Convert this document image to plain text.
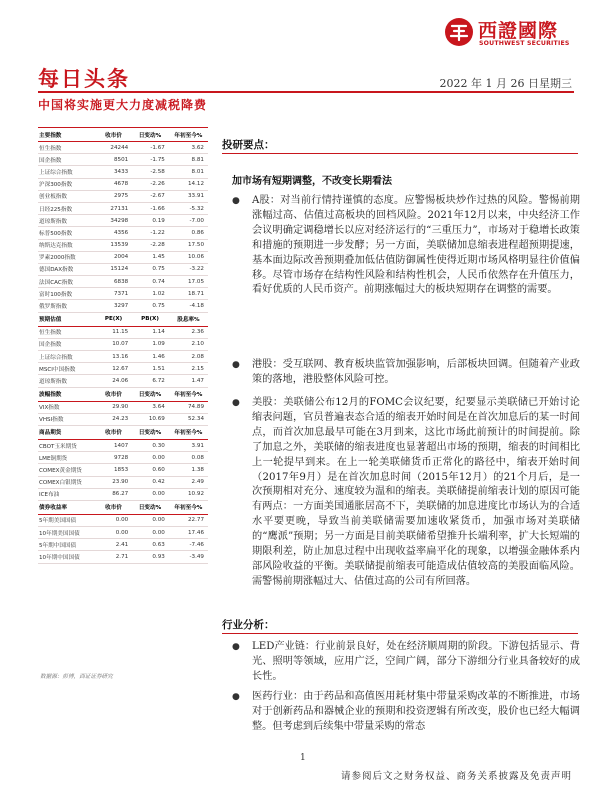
西證國際
SOUTHWEST SECURITIES
每日头条	2022 年 1 月 26 日星期三
中国将实施更大力度减税降费
主要指数	收市价	日变动%	年初至今%
恒生指数	24244	-1.67	3.62
国企指数	8501	-1.75	8.81
上证综合指数	3433	-2.58	8.01
沪深300指数	4678	-2.26	14.12
创业板指数	2975	-2.67	33.91
日经225指数	27131	-1.66	-5.32
道琼斯指数	34298	0.19	-7.00
标普500指数	4356	-1.22	0.86
纳斯达克指数	13539	-2.28	17.50
罗素2000指数	2004	1.45	10.06
德国DAX指数	15124	0.75	-3.22
法国CAC指数	6838	0.74	17.05
富时100指数	7371	1.02	18.71
俄罗斯指数	3297	0.75	-4.18
预期估值	PE(X)	PB(X)	股息率%
恒生指数	11.15	1.14	2.36
国企指数	10.07	1.09	2.10
上证综合指数	13.16	1.46	2.08
MSCI中国指数	12.67	1.51	2.15
道琼斯指数	24.06	6.72	1.47
波幅指数	收市价	日变动%	年初至今%
VIX指数	29.90	3.64	74.89
VHSI指数	24.23	10.69	52.34
商品期货	收市价	日变动%	年初至今%
CBOT玉米期货	1407	0.30	3.91
LME铜期货	9728	0.00	0.08
COMEX黄金期货	1853	0.60	1.38
COMEX白银期货	23.90	0.42	2.49
ICE布油	86.27	0.00	10.92
债券收益率	收市价	日变动%	年初至今%
5年期美国国债	0.00	0.00	22.77
10年期美国国债	0.00	0.00	17.46
5年期中国国债	2.41	0.63	-7.46
10年期中国国债	2.71	0.93	-3.49
数据源：彭博，西证证券研究
投研要点：
加市场有短期调整，不改变长期看法
● A股：对当前行情持谨慎的态度。应警惕板块炒作过热的风险。警惕前期涨幅过高、估值过高板块的回档风险。2021年12月以来，中央经济工作会议明确定调稳增长以应对经济运行的“三重压力”，市场对于稳增长政策和措施的预期进一步发酵；另一方面，美联储加息缩表进程超预期提速，基本面边际改善预期叠加低估值防御属性使得近期市场风格明显往价值偏移。尽管市场存在结构性风险和结构性机会，人民币依然存在升值压力，看好优质的人民币资产。前期涨幅过大的板块短期存在调整的需要。
● 港股：受互联网、教育板块监管加强影响，后部板块回调。但随着产业政策的落地，港股整体风险可控。
● 美股：美联储公布12月的FOMC会议纪要，纪要显示美联储已开始讨论缩表问题，官员普遍表态合适的缩表开始时间是在首次加息后的某一时间点，而首次加息最早可能在3月到来，这比市场此前预计的时间提前。除了加息之外，美联储的缩表进度也显著超出市场的预期，缩表的时间相比上一轮提早到来。在上一轮美联储货币正常化的路径中，缩表开始时间（2017年9月）是在首次加息时间（2015年12月）的21个月后，是一次预期相对充分、速度较为温和的缩表。美联储提前缩表计划的原因可能有两点：一方面美国通胀居高不下，美联储的加息进度比市场认为的合适水平要更晚，导致当前美联储需要加速收紧货币，加强市场对美联储的“鹰派”预期；另一方面是目前美联储希望推升长端利率，扩大长短端的期限利差，防止加息过程中出现收益率扁平化的现象，以增强金融体系内部风险收益的平衡。美联储提前缩表可能造成估值较高的美股面临风险。需警惕前期涨幅过大、估值过高的公司有所回落。
行业分析：
● LED产业链：行业前景良好，处在经济顺周期的阶段。下游包括显示、背光、照明等领域，应用广泛，空间广阔，部分下游细分行业具备较好的成长性。
● 医药行业：由于药品和高值医用耗材集中带量采购改革的不断推进，市场对于创新药品和器械企业的预期和投资逻辑有所改变，股价也已经大幅调整。但考虑到后续集中带量采购的常态
1
请参阅后文之财务权益、商务关系披露及免责声明
